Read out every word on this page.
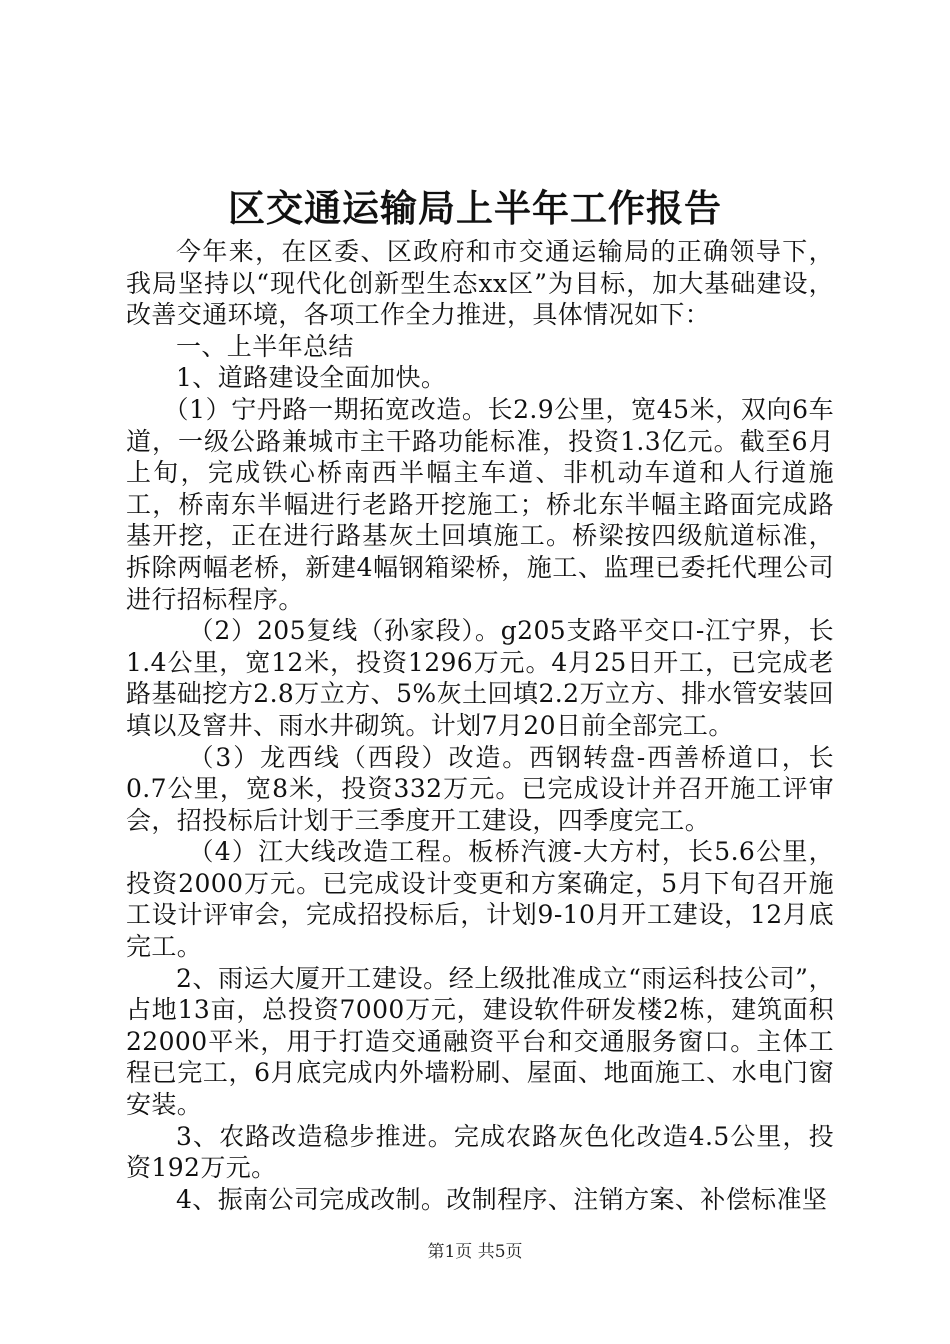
区交通运输局上半年工作报告

今年来，在区委、区政府和市交通运输局的正确领导下，我局坚持以“现代化创新型生态xx区”为目标，加大基础建设，改善交通环境，各项工作全力推进，具体情况如下：

一、上半年总结

1、道路建设全面加快。

（1）宁丹路一期拓宽改造。长2.9公里，宽45米，双向6车道，一级公路兼城市主干路功能标准，投资1.3亿元。截至6月上旬，完成铁心桥南西半幅主车道、非机动车道和人行道施工，桥南东半幅进行老路开挖施工；桥北东半幅主路面完成路基开挖，正在进行路基灰土回填施工。桥梁按四级航道标准，拆除两幅老桥，新建4幅钢箱梁桥，施工、监理已委托代理公司进行招标程序。

（2）205复线（孙家段）。g205支路平交口-江宁界，长1.4公里，宽12米，投资1296万元。4月25日开工，已完成老路基础挖方2.8万立方、5%灰土回填2.2万立方、排水管安装回填以及窨井、雨水井砌筑。计划7月20日前全部完工。

（3）龙西线（西段）改造。西钢转盘-西善桥道口，长0.7公里，宽8米，投资332万元。已完成设计并召开施工评审会，招投标后计划于三季度开工建设，四季度完工。

（4）江大线改造工程。板桥汽渡-大方村，长5.6公里，投资2000万元。已完成设计变更和方案确定，5月下旬召开施工设计评审会，完成招投标后，计划9-10月开工建设，12月底完工。

2、雨运大厦开工建设。经上级批准成立“雨运科技公司”，占地13亩，总投资7000万元，建设软件研发楼2栋，建筑面积22000平米，用于打造交通融资平台和交通服务窗口。主体工程已完工，6月底完成内外墙粉刷、屋面、地面施工、水电门窗安装。

3、农路改造稳步推进。完成农路灰色化改造4.5公里，投资192万元。

4、振南公司完成改制。改制程序、注销方案、补偿标准坚

第1页 共5页
